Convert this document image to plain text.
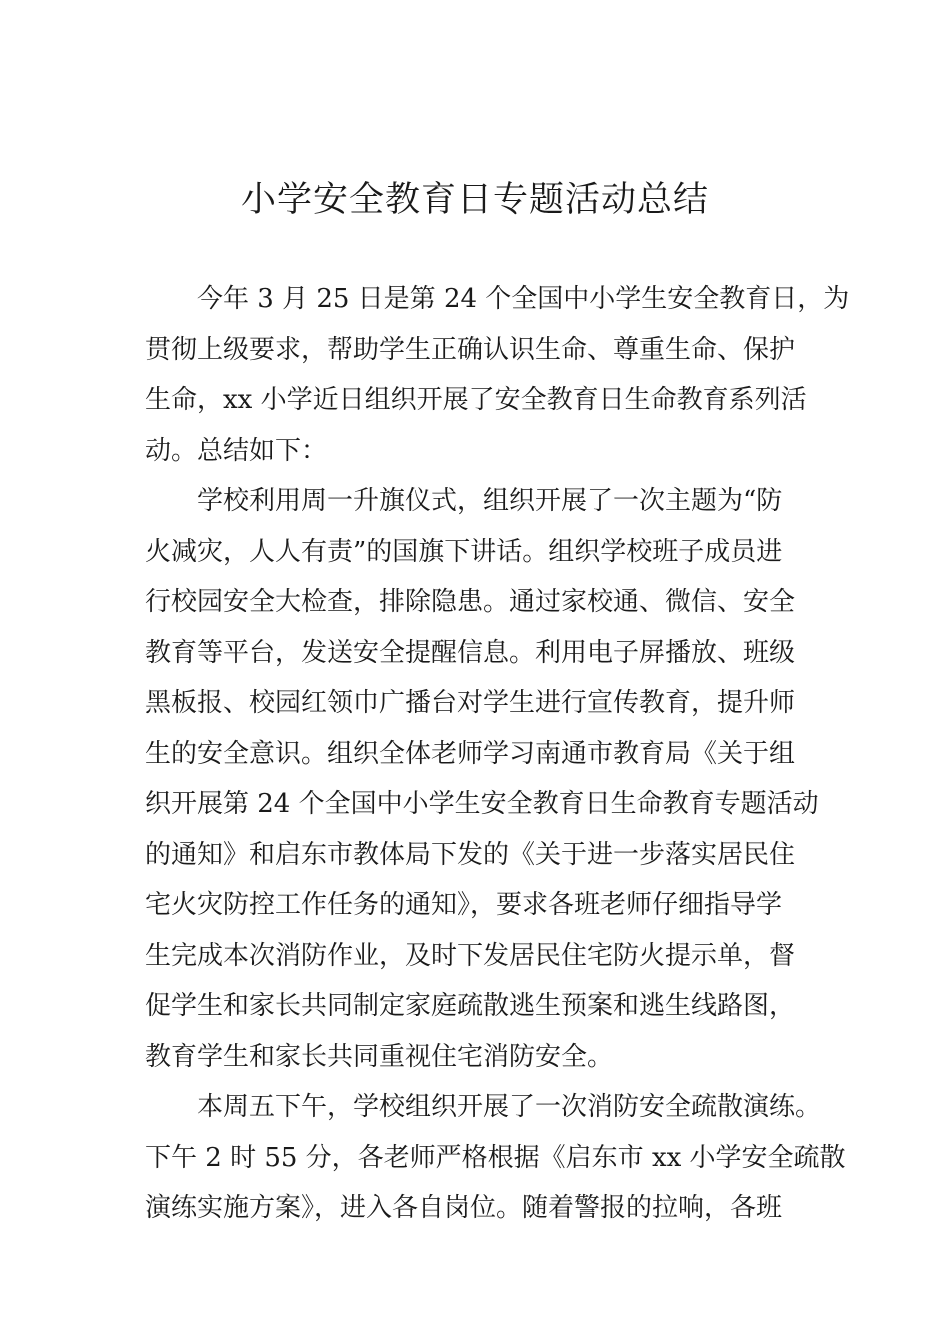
小学安全教育日专题活动总结
今年 3 月 25 日是第 24 个全国中小学生安全教育日，为
贯彻上级要求，帮助学生正确认识生命、尊重生命、保护
生命，xx 小学近日组织开展了安全教育日生命教育系列活
动。总结如下：
学校利用周一升旗仪式，组织开展了一次主题为“防
火减灾，人人有责”的国旗下讲话。组织学校班子成员进
行校园安全大检查，排除隐患。通过家校通、微信、安全
教育等平台，发送安全提醒信息。利用电子屏播放、班级
黑板报、校园红领巾广播台对学生进行宣传教育，提升师
生的安全意识。组织全体老师学习南通市教育局《关于组
织开展第 24 个全国中小学生安全教育日生命教育专题活动
的通知》和启东市教体局下发的《关于进一步落实居民住
宅火灾防控工作任务的通知》，要求各班老师仔细指导学
生完成本次消防作业，及时下发居民住宅防火提示单，督
促学生和家长共同制定家庭疏散逃生预案和逃生线路图，
教育学生和家长共同重视住宅消防安全。
本周五下午，学校组织开展了一次消防安全疏散演练。
下午 2 时 55 分，各老师严格根据《启东市 xx 小学安全疏散
演练实施方案》，进入各自岗位。随着警报的拉响，各班
